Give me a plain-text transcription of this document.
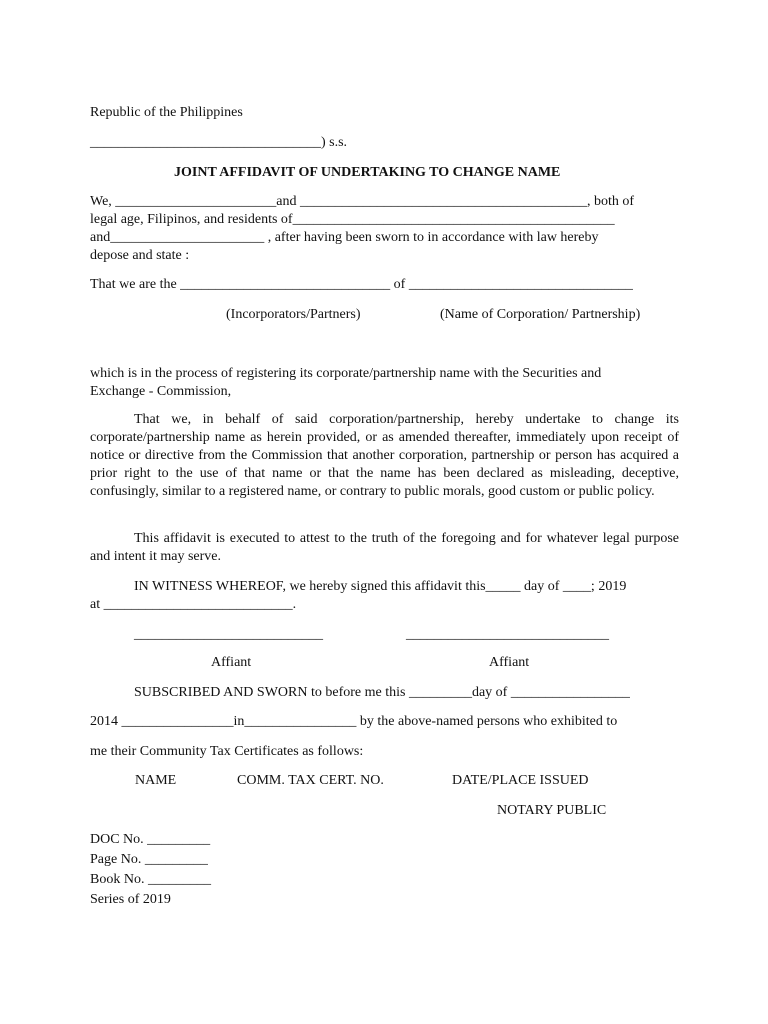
Republic of the Philippines
_________________________________) s.s.
JOINT AFFIDAVIT OF UNDERTAKING TO CHANGE NAME
We, _______________________and _________________________________________, both of
legal age, Filipinos, and residents of______________________________________________
and______________________ , after having been sworn to in accordance with law hereby
depose and state :
That we are the ______________________________ of ________________________________
(Incorporators/Partners)	(Name of Corporation/ Partnership)
which is in the process of registering its corporate/partnership name with the Securities and
Exchange - Commission,
That we, in behalf of said corporation/partnership, hereby undertake to change its corporate/partnership name as herein provided, or as amended thereafter, immediately upon receipt of notice or directive from the Commission that another corporation, partnership or person has acquired a prior right to the use of that name or that the name has been declared as misleading, deceptive, confusingly, similar to a registered name, or contrary to public morals, good custom or public policy.
This affidavit is executed to attest to the truth of the foregoing and for whatever legal purpose and intent it may serve.
IN WITNESS WHEREOF, we hereby signed this affidavit this_____ day of ____; 2019
at ___________________________.
___________________________	_____________________________
Affiant	Affiant
SUBSCRIBED AND SWORN to before me this _________day of _________________
2014 ________________in________________ by the above-named persons who exhibited to
me their Community Tax Certificates as follows:
NAME	COMM. TAX CERT. NO.	DATE/PLACE ISSUED
NOTARY PUBLIC
DOC No. _________
Page No. _________
Book No. _________
Series of 2019
